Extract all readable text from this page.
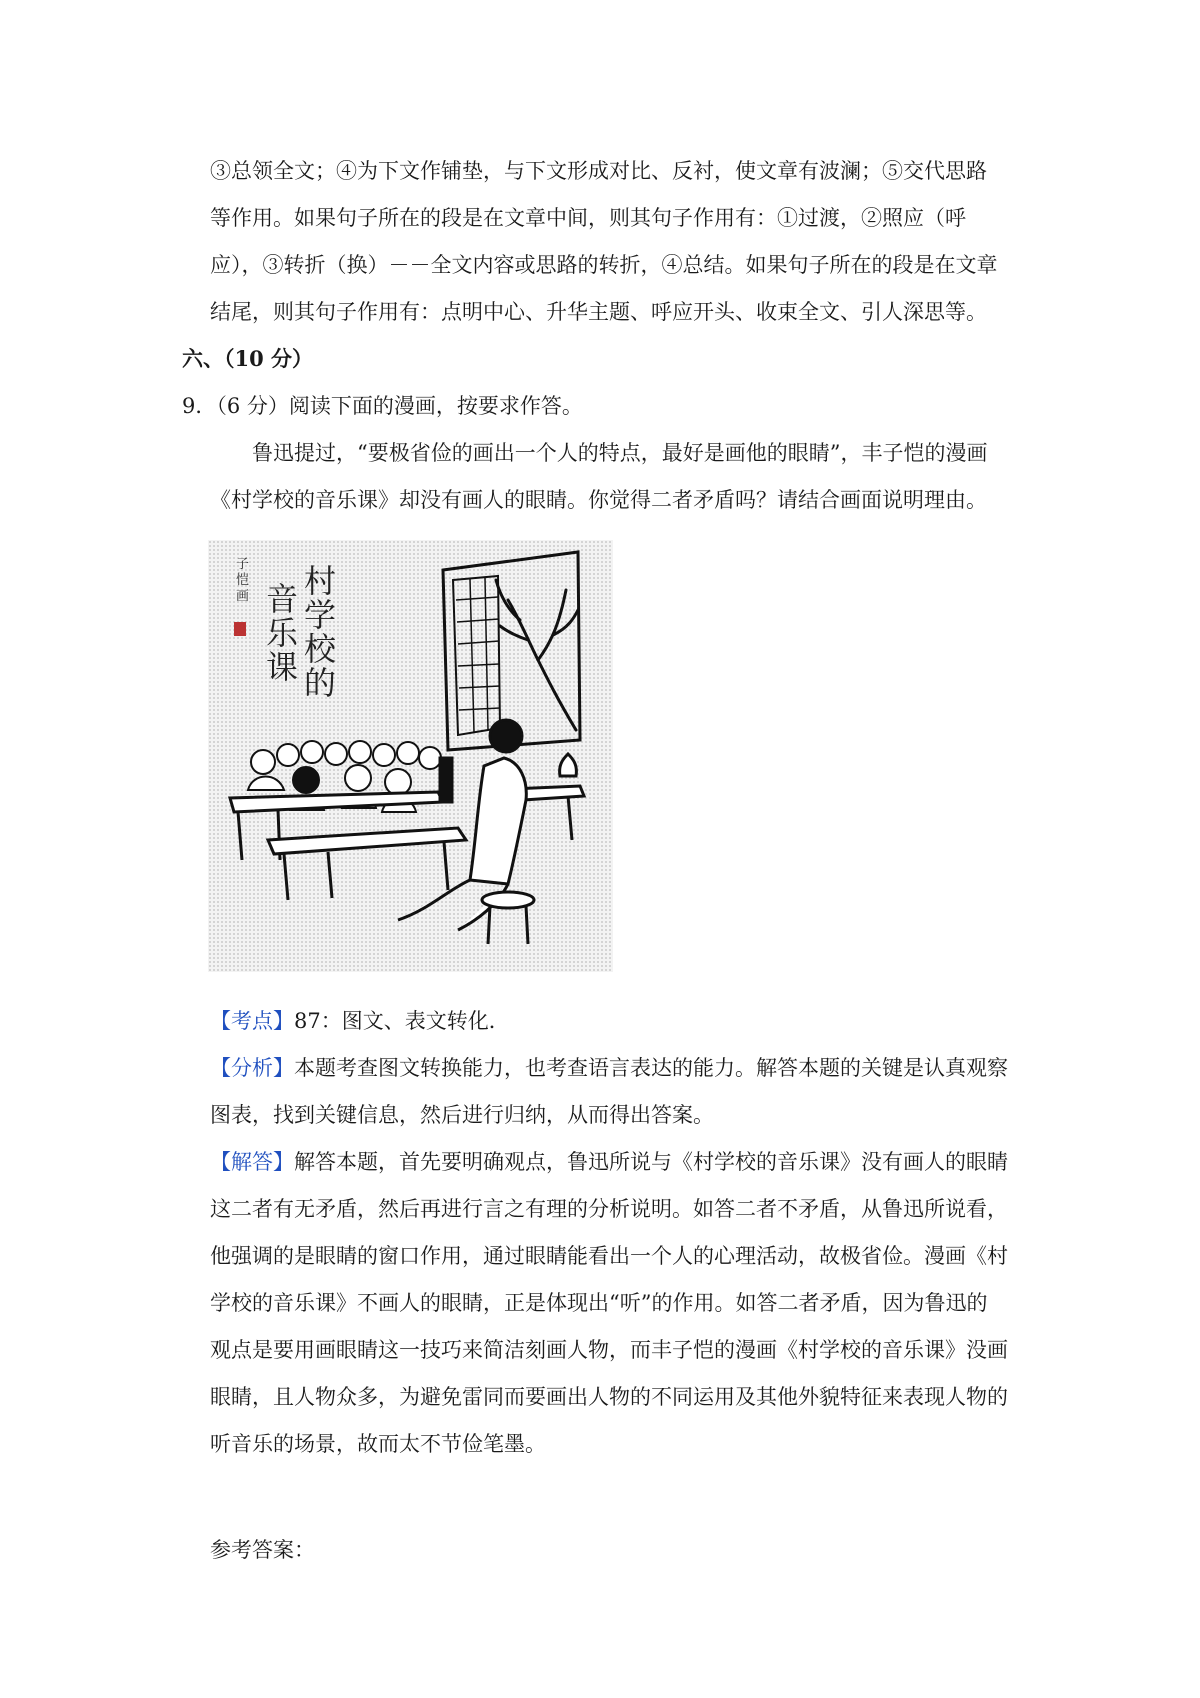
③总领全文；④为下文作铺垫，与下文形成对比、反衬，使文章有波澜；⑤交代思路
等作用。如果句子所在的段是在文章中间，则其句子作用有：①过渡，②照应（呼
应），③转折（换）－－全文内容或思路的转折，④总结。如果句子所在的段是在文章
结尾，则其句子作用有：点明中心、升华主题、呼应开头、收束全文、引人深思等。
六、（10 分）
9．（6 分）阅读下面的漫画，按要求作答。
鲁迅提过，“要极省俭的画出一个人的特点，最好是画他的眼睛”，丰子恺的漫画
《村学校的音乐课》却没有画人的眼睛。你觉得二者矛盾吗？请结合画面说明理由。
村学校的
音乐课
子恺画
【考点】87：图文、表文转化．
【分析】本题考查图文转换能力，也考查语言表达的能力。解答本题的关键是认真观察
图表，找到关键信息，然后进行归纳，从而得出答案。
【解答】解答本题，首先要明确观点，鲁迅所说与《村学校的音乐课》没有画人的眼睛
这二者有无矛盾，然后再进行言之有理的分析说明。如答二者不矛盾，从鲁迅所说看，
他强调的是眼睛的窗口作用，通过眼睛能看出一个人的心理活动，故极省俭。漫画《村
学校的音乐课》不画人的眼睛，正是体现出“听”的作用。如答二者矛盾，因为鲁迅的
观点是要用画眼睛这一技巧来简洁刻画人物，而丰子恺的漫画《村学校的音乐课》没画
眼睛，且人物众多，为避免雷同而要画出人物的不同运用及其他外貌特征来表现人物的
听音乐的场景，故而太不节俭笔墨。
参考答案：
